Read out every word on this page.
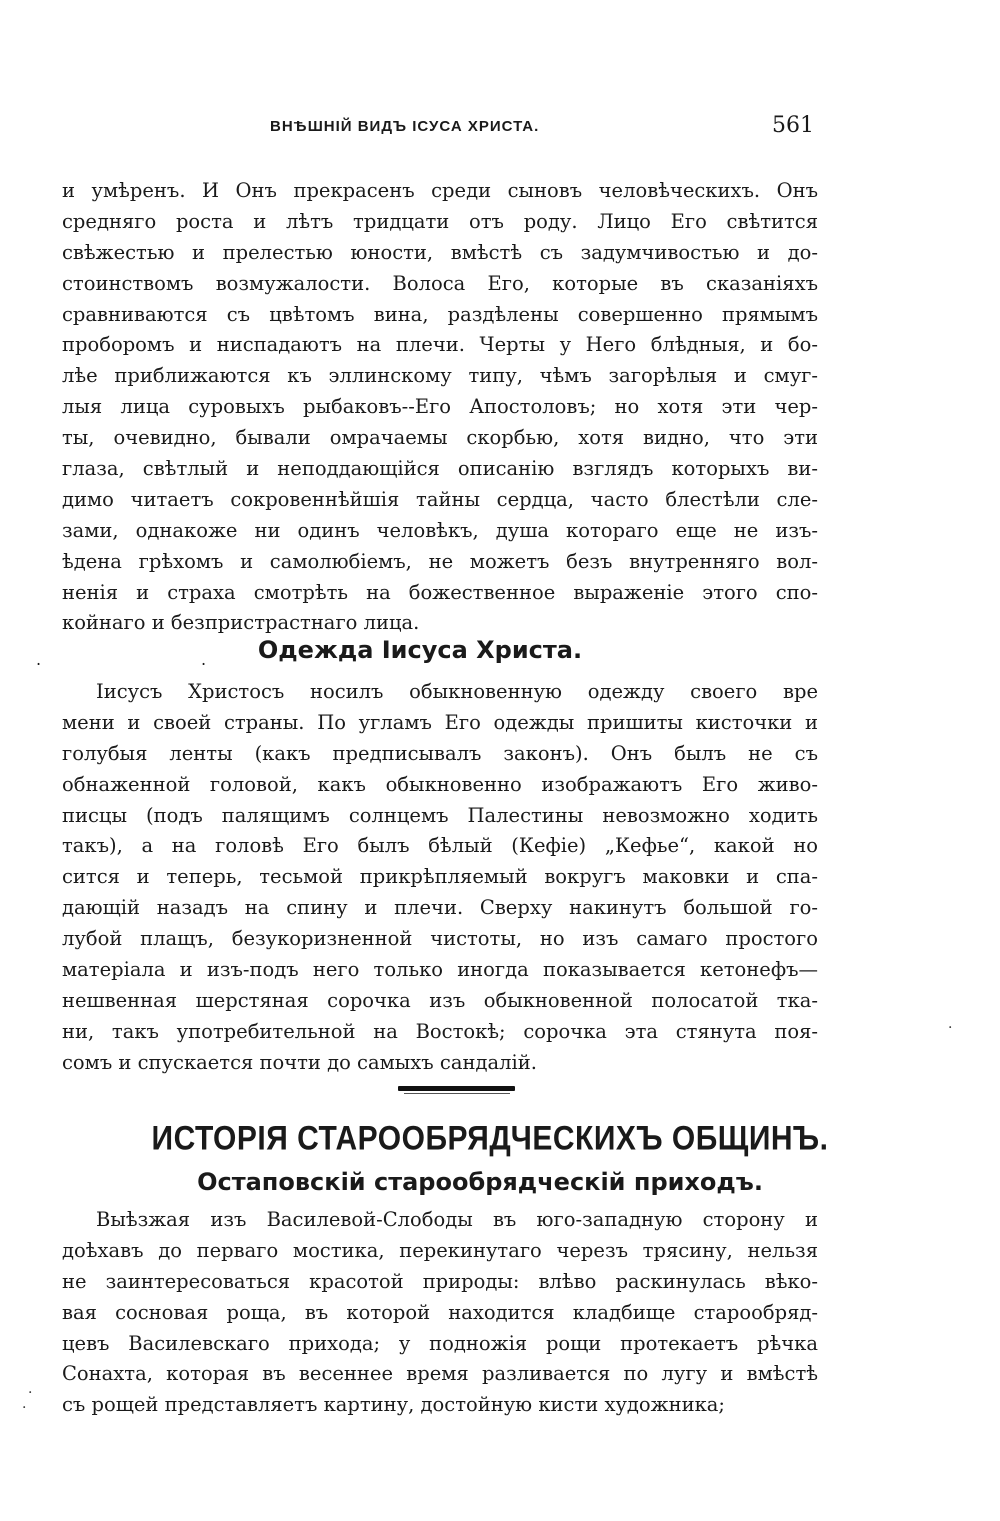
ВНѢШНІЙ ВИДЪ ІСУСА ХРИСТА.	561
и умѣренъ. И Онъ прекрасенъ среди сыновъ человѣческихъ. Онъ
средняго роста и лѣтъ тридцати отъ роду. Лицо Его свѣтится
свѣжестью и прелестью юности, вмѣстѣ съ задумчивостью и до-
стоинствомъ возмужалости. Волоса Его, которые въ сказаніяхъ
сравниваются съ цвѣтомъ вина, раздѣлены совершенно прямымъ
проборомъ и ниспадаютъ на плечи. Черты у Него блѣдныя, и бо-
лѣе приближаются къ эллинскому типу, чѣмъ загорѣлыя и смуг-
лыя лица суровыхъ рыбаковъ--Его Апостоловъ; но хотя эти чер-
ты, очевидно, бывали омрачаемы скорбью, хотя видно, что эти
глаза, свѣтлый и неподдающійся описанію взглядъ которыхъ ви-
димо читаетъ сокровеннѣйшія тайны сердца, часто блестѣли сле-
зами, однакоже ни одинъ человѣкъ, душа котораго еще не изъ-
ѣдена грѣхомъ и самолюбіемъ, не можетъ безъ внутренняго вол-
ненія и страха смотрѣть на божественное выраженіе этого спо-
койнаго и безпристрастнаго лица.
.	.	Одежда Іисуса Христа.
Іисусъ Христосъ носилъ обыкновенную одежду своего вре
мени и своей страны. По угламъ Его одежды пришиты кисточки и
голубыя ленты (какъ предписывалъ законъ). Онъ былъ не съ
обнаженной головой, какъ обыкновенно изображаютъ Его живо-
писцы (подъ палящимъ солнцемъ Палестины невозможно ходить
такъ), а на головѣ Его былъ бѣлый (Кефіе) „Кефье“, какой но
сится и теперь, тесьмой прикрѣпляемый вокругъ маковки и спа-
дающій назадъ на спину и плечи. Сверху накинутъ большой го-
лубой плащъ, безукоризненной чистоты, но изъ самаго простого
матеріала и изъ-подъ него только иногда показывается кетонефъ—
нешвенная шерстяная сорочка изъ обыкновенной полосатой тка-
ни, такъ употребительной на Востокѣ; сорочка эта стянута поя-
сомъ и спускается почти до самыхъ сандалій.
ИСТОРІЯ СТАРООБРЯДЧЕСКИХЪ ОБЩИНЪ.
Остаповскій старообрядческій приходъ.
Выѣзжая изъ Василевой-Слободы въ юго-западную сторону и
доѣхавъ до перваго мостика, перекинутаго черезъ трясину, нельзя
не заинтересоваться красотой природы: влѣво раскинулась вѣко-
вая сосновая роща, въ которой находится кладбище старообряд-
цевъ Василевскаго прихода; у подножія рощи протекаетъ рѣчка
Сонахта, которая въ весеннее время разливается по лугу и вмѣстѣ
съ рощей представляетъ картину, достойную кисти художника;
·
·
·
